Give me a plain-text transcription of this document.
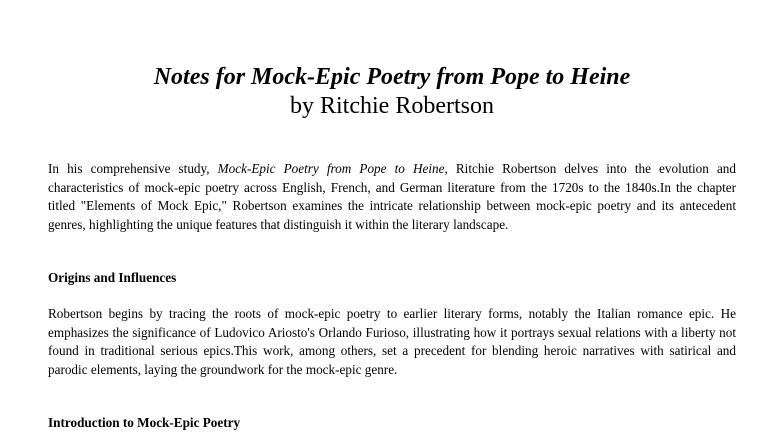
Notes for Mock-Epic Poetry from Pope to Heine

by Ritchie Robertson

In his comprehensive study, Mock-Epic Poetry from Pope to Heine, Ritchie Robertson delves into the evolution and characteristics of mock-epic poetry across English, French, and German literature from the 1720s to the 1840s.In the chapter titled "Elements of Mock Epic," Robertson examines the intricate relationship between mock-epic poetry and its antecedent genres, highlighting the unique features that distinguish it within the literary landscape.

Origins and Influences

Robertson begins by tracing the roots of mock-epic poetry to earlier literary forms, notably the Italian romance epic. He emphasizes the significance of Ludovico Ariosto's Orlando Furioso, illustrating how it portrays sexual relations with a liberty not found in traditional serious epics.This work, among others, set a precedent for blending heroic narratives with satirical and parodic elements, laying the groundwork for the mock-epic genre.

Introduction to Mock-Epic Poetry
